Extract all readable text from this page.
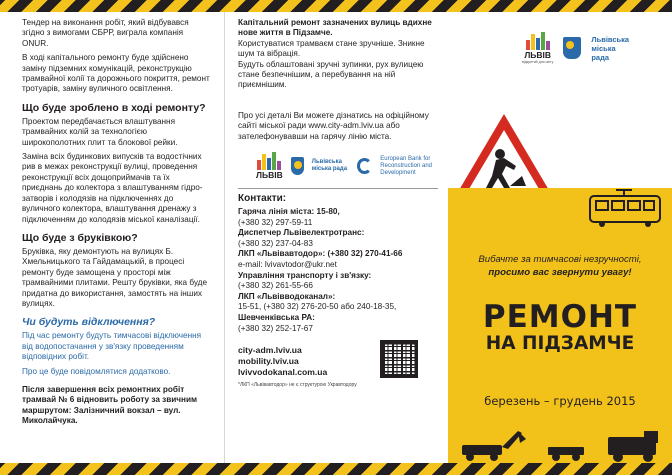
Тендер на виконання робіт, який відбувався згідно з вимогами СБРР, виграла компанія ONUR.

В ході капітального ремонту буде здійснено заміну підземних комунікацій, реконструкцію трамвайної колії та дорожнього покриття, ремонт тротуарів, заміну вуличного освітлення.

Що буде зроблено в ході ремонту?

Проектом передбачається влаштування трамвайних колій за технологією широкополотних плит та блокової рейки.

Заміна всіх будинкових випусків та водостічних рив в межах реконструкції вулиці, проведення реконструкції всіх дощоприймачів та їх приєднань до колектора з влаштуванням гідро-затворів і колодязів на підключеннях до вуличного колектора, влаштування дренажу з підключенням до колодязів міської каналізації.

Що буде з бруківкою?

Бруківка, яку демонтують на вулицях Б. Хмельницького та Гайдамацькій, в процесі ремонту буде замощена у просторі між трамвайними плитами. Решту бруківки, яка буде придатна до використання, замостять на інших вулицях.

Чи будуть відключення?

Під час ремонту будуть тимчасові відключення від водопостачання у зв'язку проведенням відповідних робіт.

Про це буде повідомлятися додатково.

Після завершення всіх ремонтних робіт трамвай № 6 відновить роботу за звичним маршрутом: Залізничний вокзал – вул. Миколайчука.

Капітальний ремонт зазначених вулиць вдихне нове життя в Підзамче.

Користуватися трамваєм стане зручніше. Зникне шум та вібрація.

Будуть облаштовані зручні зупинки, рух вулицею стане безпечнішим, а перебування на ній приємнішим.

Про усі деталі Ви можете дізнатись на офіційному сайті міської ради www.city-adm.lviv.ua або зателефонувавши на гарячу лінію міста.

ЛЬВІВ
Львівська міська рада
European Bank for Reconstruction and Development
Контакти:
Гаряча лінія міста: 15-80,
(+380 32) 297-59-11
Диспетчер Львівелектротранс:
(+380 32) 237-04-83
ЛКП «Львівавтодор»: (+380 32) 270-41-66
e-mail: lvivavtodor@ukr.net
Управління транспорту і зв'язку:
(+380 32) 261-55-66
ЛКП «Львівводоканал»:
15-51, (+380 32) 276-20-50 або 240-18-35,
Шевченківська РА:
(+380 32) 252-17-67
city-adm.lviv.ua
mobility.lviv.ua
lvivvodokanal.com.ua
*ЛКП «Львівавтодор» не є структурою Укравтодору
ЛЬВІВ
відкритий для світу
Львівська міська рада
Вибачте за тимчасові незручності,
просимо вас звернути увагу!
РЕМОНТ
НА ПІДЗАМЧЕ
березень – грудень 2015
